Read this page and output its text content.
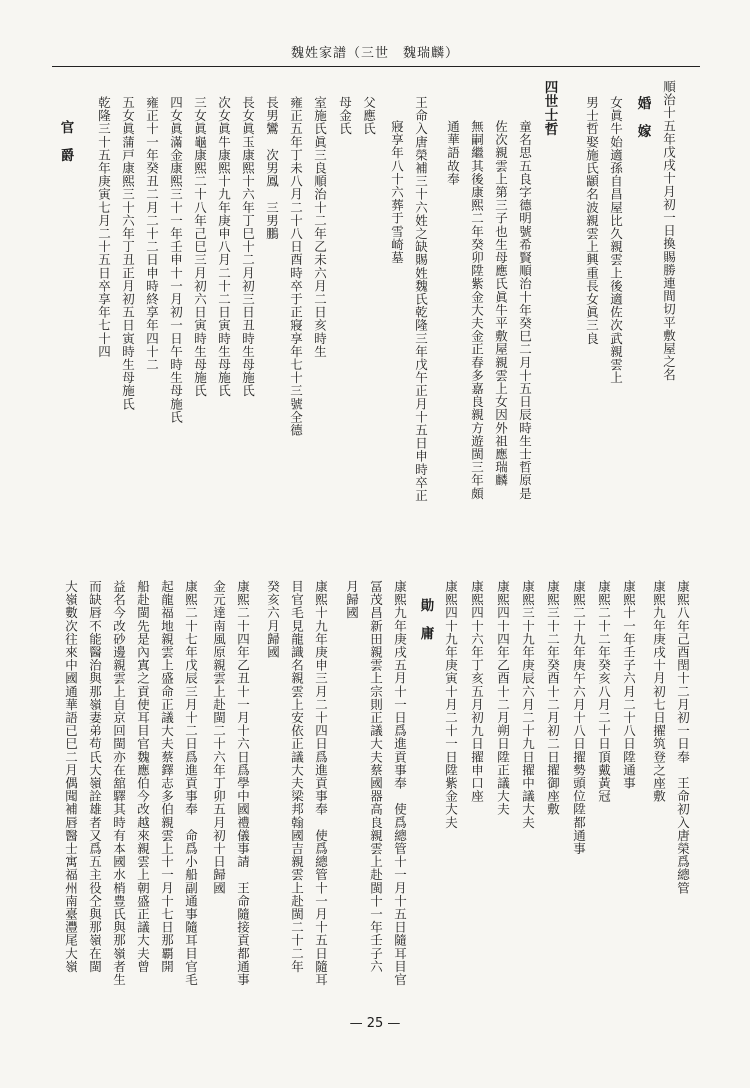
魏姓家譜（三世　魏瑞麟）
順治十五年戊戌十月初一日換賜勝連間切平敷屋之名
婚　嫁
女眞牛始適孫自昌屋比久親雲上後適佐次武親雲上
男士哲娶施氏顓名波親雲上興重長女眞三良
四世士哲
童名思五良字德明號希賢順治十年癸巳二月十五日辰時生士哲原是
佐次親雲上第三子也生母應氏眞牛平敷屋親雲上女因外祖應瑞麟
無嗣繼其後康熙二年癸卯陞紫金大夫金正春多嘉良親方遊閩三年頗
通華語故奉
王命入唐榮補三十六姓之缺賜姓魏氏乾隆三年戊午正月十五日申時卒正
寢享年八十六葬于雪崎墓
父應氏
母金氏
室施氏眞三良順治十二年乙未六月二日亥時生
雍正五年丁未八月二十八日酉時卒于正寢享年七十三號全德
長男鸞　次男鳳　三男鵬
長女眞玉康熙十六年丁巳十二月初三日丑時生母施氏
次女眞牛康熙十九年庚申八月二十二日寅時生母施氏
三女眞龜康熙二十八年己巳三月初六日寅時生母施氏
四女眞滿金康熙三十一年壬申十一月初一日午時生母施氏
雍正十一年癸丑二月二十二日申時終享年四十二
五女眞蒲戸康熙三十六年丁丑正月初五日寅時生母施氏
乾隆三十五年庚寅七月二十五日卒享年七十四
官　爵
康熙八年己酉閏十二月初一日奉　王命初入唐榮爲總管
康熙九年庚戌十月初七日擢筑登之座敷
康熙十一年壬子六月二十八日陞通事
康熙二十二年癸亥八月二十日頂戴黃冠
康熙二十九年庚午六月十八日擢勢頭位陞都通事
康熙三十二年癸酉十二月初二日擢御座敷
康熙三十九年庚辰六月二十九日擢中議大夫
康熙四十四年乙酉十二月朔日陞正議大夫
康熙四十六年丁亥五月初九日擢申口座
康熙四十九年庚寅十月二十一日陞紫金大夫
勛　庸
康熙九年庚戌五月十一日爲進貢事奉　使爲總管十一月十五日隨耳目官
冨茂昌新田親雲上宗則正議大夫蔡國器高良親雲上赴閩十一年壬子六
月歸國
康熙十九年庚申三月二十四日爲進貢事奉　使爲總管十一月十五日隨耳
目官毛見龍識名親雲上安依正議大夫梁邦翰國吉親雲上赴閩二十二年
癸亥六月歸國
康熙二十四年乙丑十一月十六日爲學中國禮儀事請　王命隨接貢都通事
金元達南風原親雲上赴閩二十六年丁卯五月初十日歸國
康熙二十七年戊辰三月十二日爲進貢事奉　命爲小船副通事隨耳目官毛
起龍福地親雲上盛命正議大夫蔡鐸志多伯親雲上十一月十七日那覇開
船赴閩先是內寘之貢使耳目官魏應伯今改越來親雲上朝盛正議大夫曾
益名今改砂邊親雲上自京回閩亦在舘驛其時有本國水梢豊氏與那嶺者生
而缺唇不能醫治與那嶺妻弟苟氏大嶺詮雄者又爲五主役仝與那嶺在閩
大嶺數次往來中國通華語已巳二月偶聞補唇醫士寓福州南臺灃尾大嶺
— 25 —
